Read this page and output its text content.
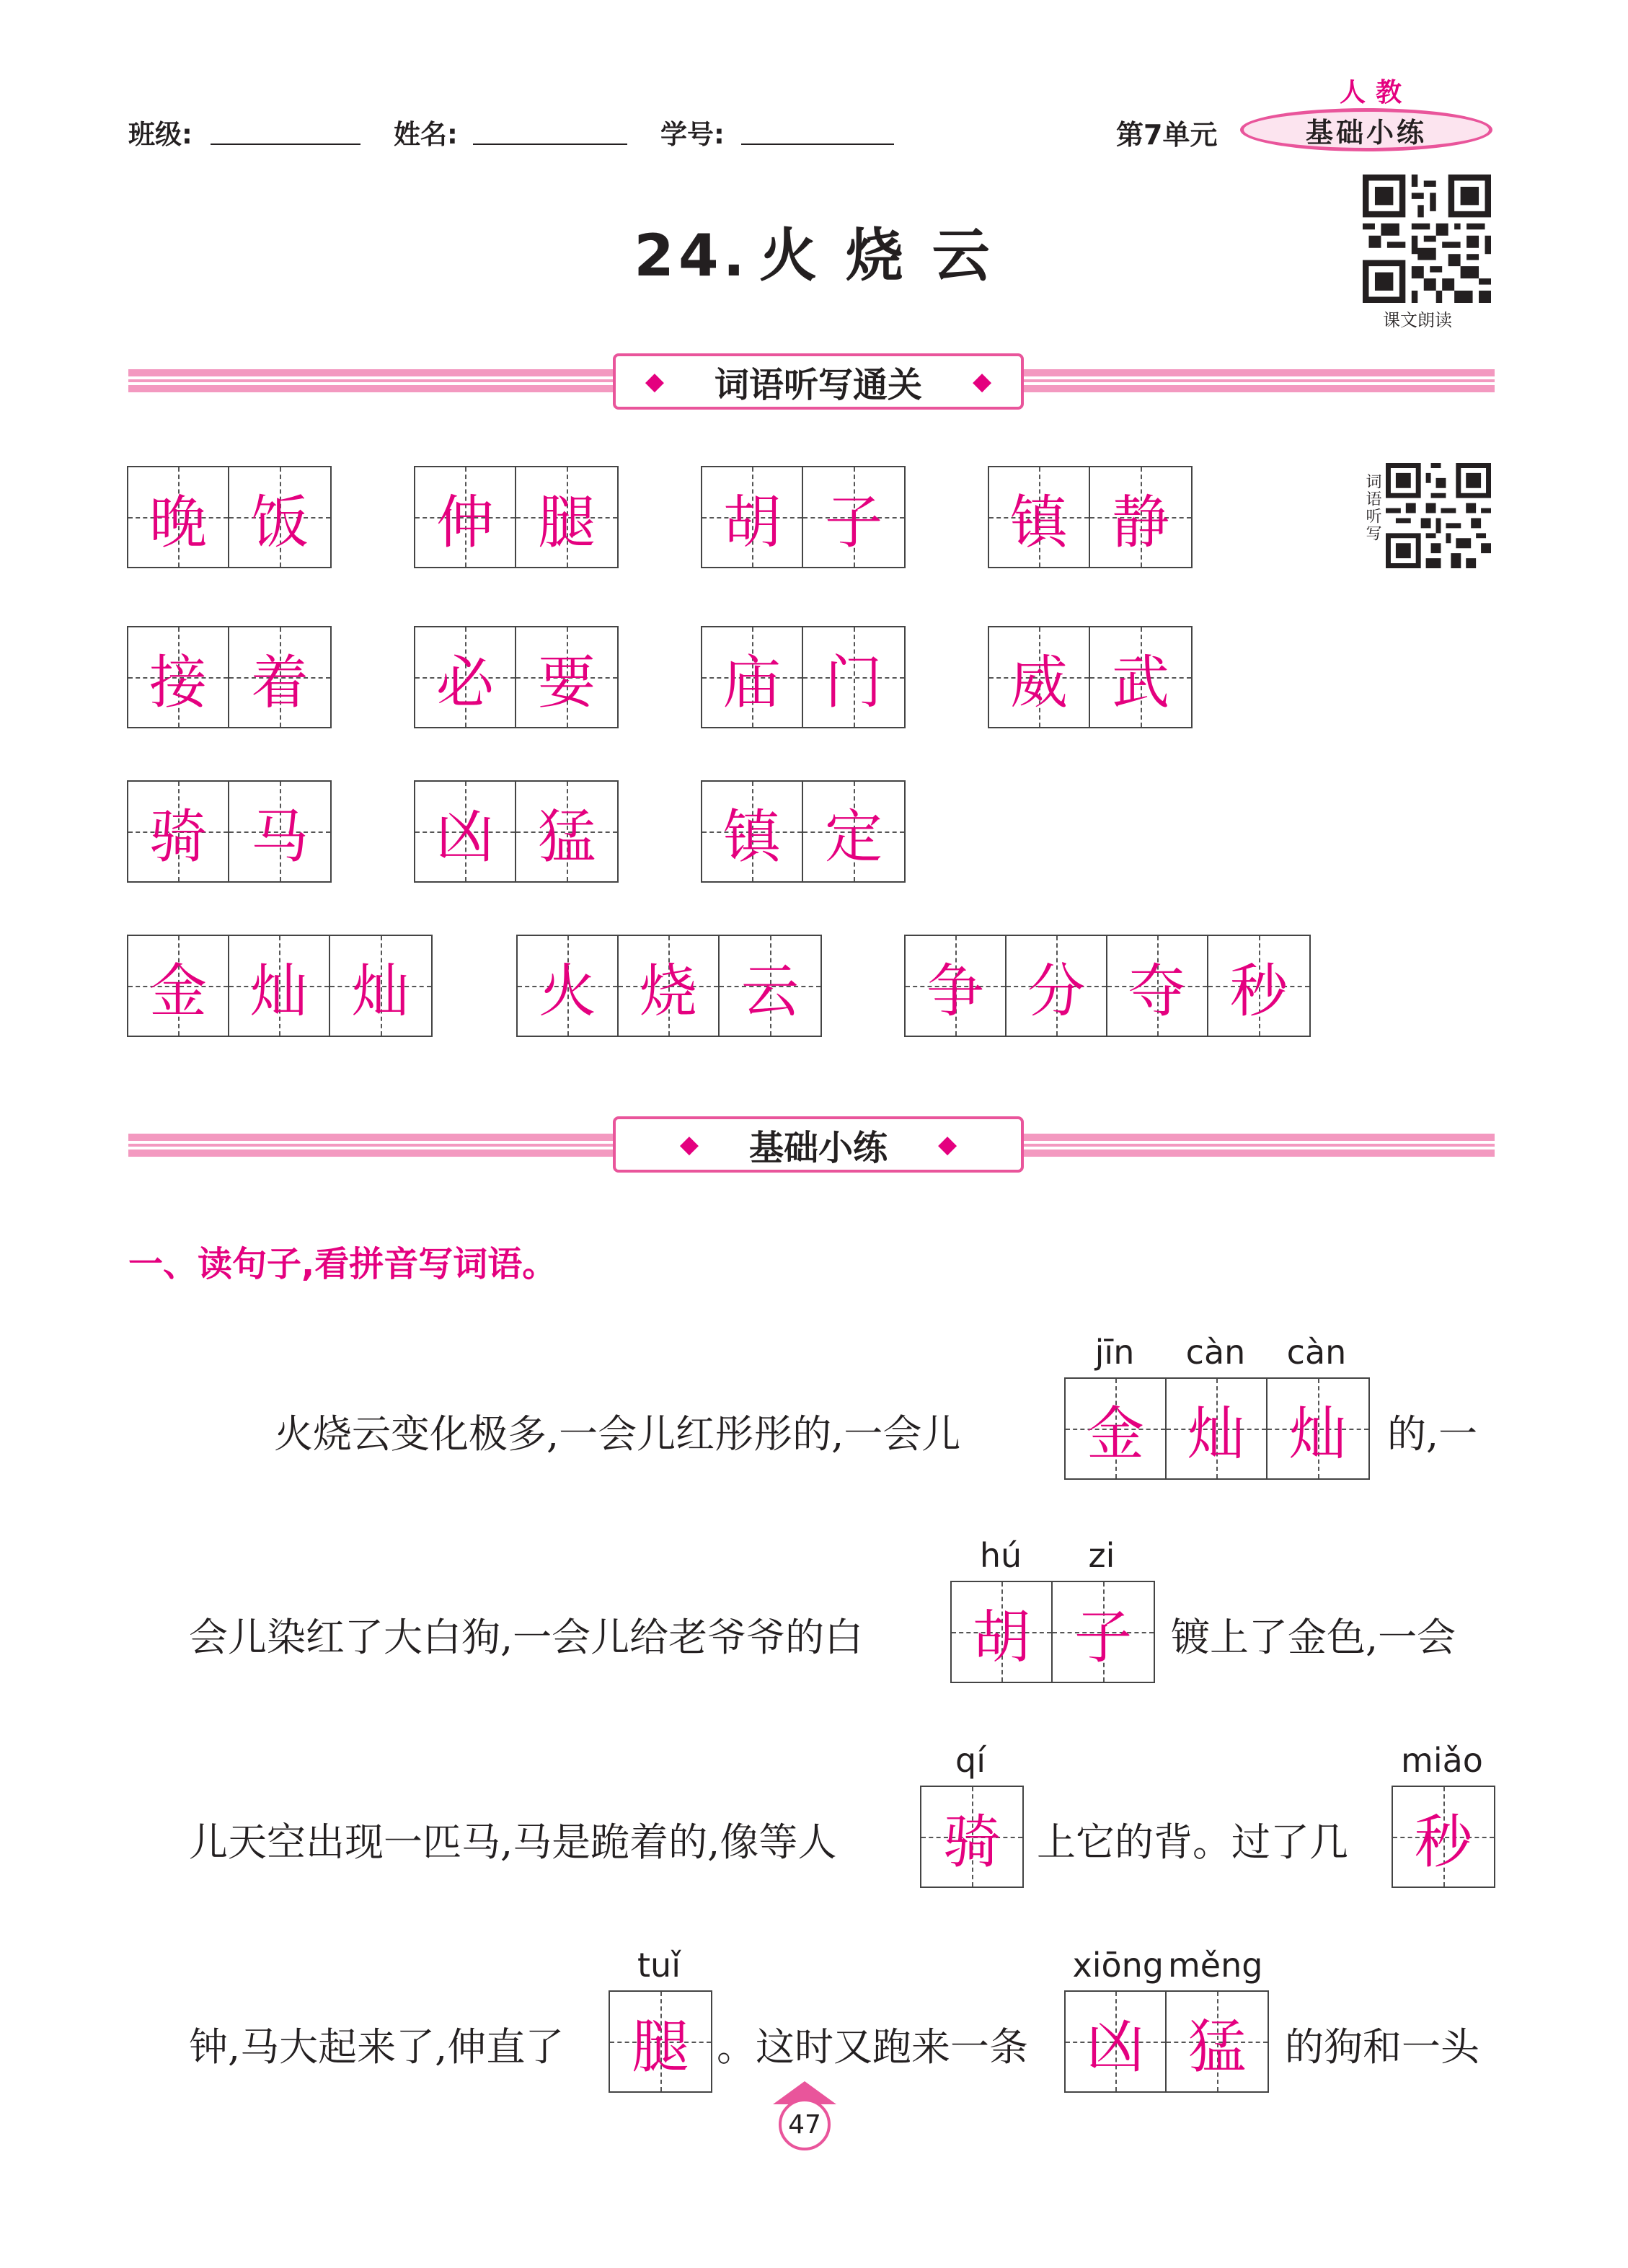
班级:	姓名:	学号:	第7单元
人教
基础小练
24. 火 烧 云
课文朗读
◆ 词语听写通关 ◆
词语听写
晚 饭	伸 腿	胡 子	镇 静
接 着	必 要	庙 门	威 武
骑 马	凶 猛	镇 定
金 灿 灿	火 烧 云	争 分 夺 秒
◆ 基础小练 ◆
一、读句子,看拼音写词语。
火烧云变化极多,一会儿红彤彤的,一会儿
jīn	càn	càn
金 灿 灿	的,一
会儿染红了大白狗,一会儿给老爷爷的白
hú	zi
胡 子	镀上了金色,一会
儿天空出现一匹马,马是跪着的,像等人
qí
骑 上它的背。过了几
miǎo
秒
钟,马大起来了,伸直了
tuǐ
腿 。这时又跑来一条
xiōng měng
凶 猛	的狗和一头
47
